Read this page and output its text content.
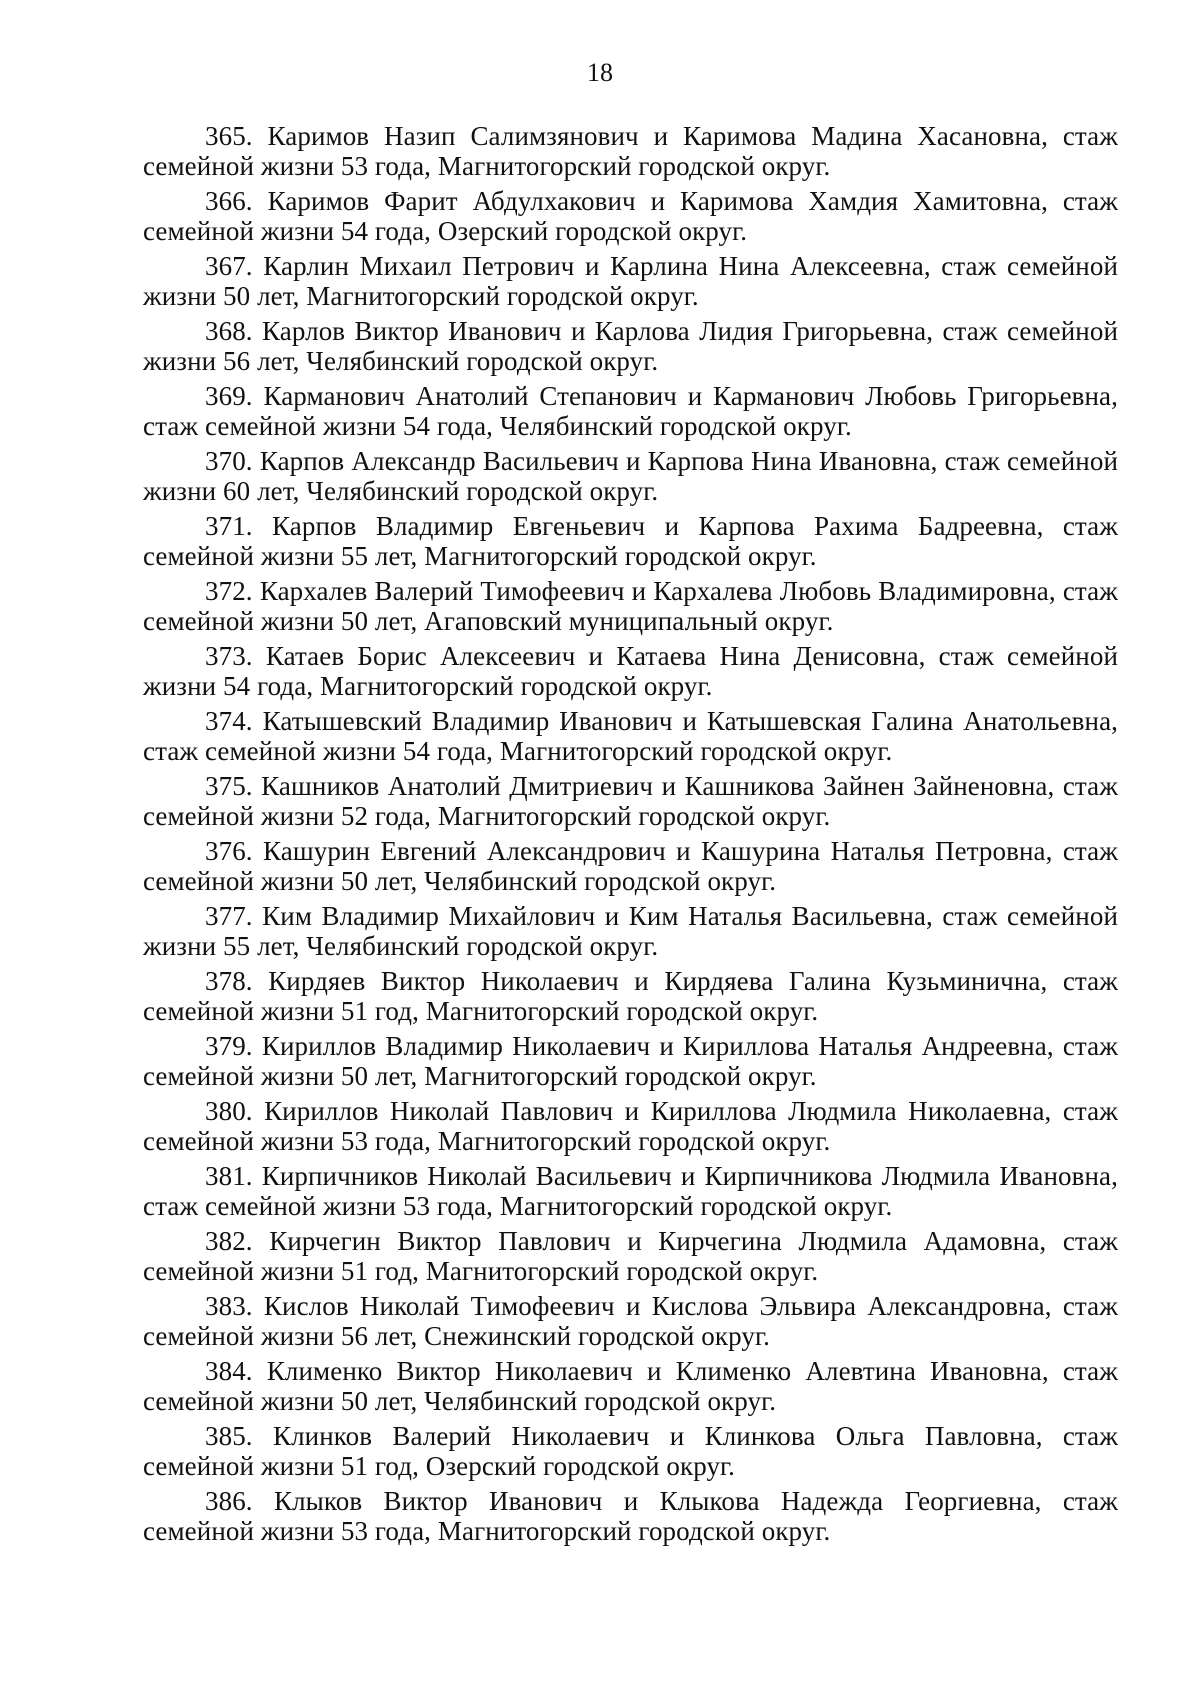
18

365. Каримов Назип Салимзянович и Каримова Мадина Хасановна, стаж семейной жизни 53 года, Магнитогорский городской округ.

366. Каримов Фарит Абдулхакович и Каримова Хамдия Хамитовна, стаж семейной жизни 54 года, Озерский городской округ.

367. Карлин Михаил Петрович и Карлина Нина Алексеевна, стаж семейной жизни 50 лет, Магнитогорский городской округ.

368. Карлов Виктор Иванович и Карлова Лидия Григорьевна, стаж семейной жизни 56 лет, Челябинский городской округ.

369. Карманович Анатолий Степанович и Карманович Любовь Григорьевна, стаж семейной жизни 54 года, Челябинский городской округ.

370. Карпов Александр Васильевич и Карпова Нина Ивановна, стаж семейной жизни 60 лет, Челябинский городской округ.

371. Карпов Владимир Евгеньевич и Карпова Рахима Бадреевна, стаж семейной жизни 55 лет, Магнитогорский городской округ.

372. Кархалев Валерий Тимофеевич и Кархалева Любовь Владимировна, стаж семейной жизни 50 лет, Агаповский муниципальный округ.

373. Катаев Борис Алексеевич и Катаева Нина Денисовна, стаж семейной жизни 54 года, Магнитогорский городской округ.

374. Катышевский Владимир Иванович и Катышевская Галина Анатольевна, стаж семейной жизни 54 года, Магнитогорский городской округ.

375. Кашников Анатолий Дмитриевич и Кашникова Зайнен Зайненовна, стаж семейной жизни 52 года, Магнитогорский городской округ.

376. Кашурин Евгений Александрович и Кашурина Наталья Петровна, стаж семейной жизни 50 лет, Челябинский городской округ.

377. Ким Владимир Михайлович и Ким Наталья Васильевна, стаж семейной жизни 55 лет, Челябинский городской округ.

378. Кирдяев Виктор Николаевич и Кирдяева Галина Кузьминична, стаж семейной жизни 51 год, Магнитогорский городской округ.

379. Кириллов Владимир Николаевич и Кириллова Наталья Андреевна, стаж семейной жизни 50 лет, Магнитогорский городской округ.

380. Кириллов Николай Павлович и Кириллова Людмила Николаевна, стаж семейной жизни 53 года, Магнитогорский городской округ.

381. Кирпичников Николай Васильевич и Кирпичникова Людмила Ивановна, стаж семейной жизни 53 года, Магнитогорский городской округ.

382. Кирчегин Виктор Павлович и Кирчегина Людмила Адамовна, стаж семейной жизни 51 год, Магнитогорский городской округ.

383. Кислов Николай Тимофеевич и Кислова Эльвира Александровна, стаж семейной жизни 56 лет, Снежинский городской округ.

384. Клименко Виктор Николаевич и Клименко Алевтина Ивановна, стаж семейной жизни 50 лет, Челябинский городской округ.

385. Клинков Валерий Николаевич и Клинкова Ольга Павловна, стаж семейной жизни 51 год, Озерский городской округ.

386. Клыков Виктор Иванович и Клыкова Надежда Георгиевна, стаж семейной жизни 53 года, Магнитогорский городской округ.
